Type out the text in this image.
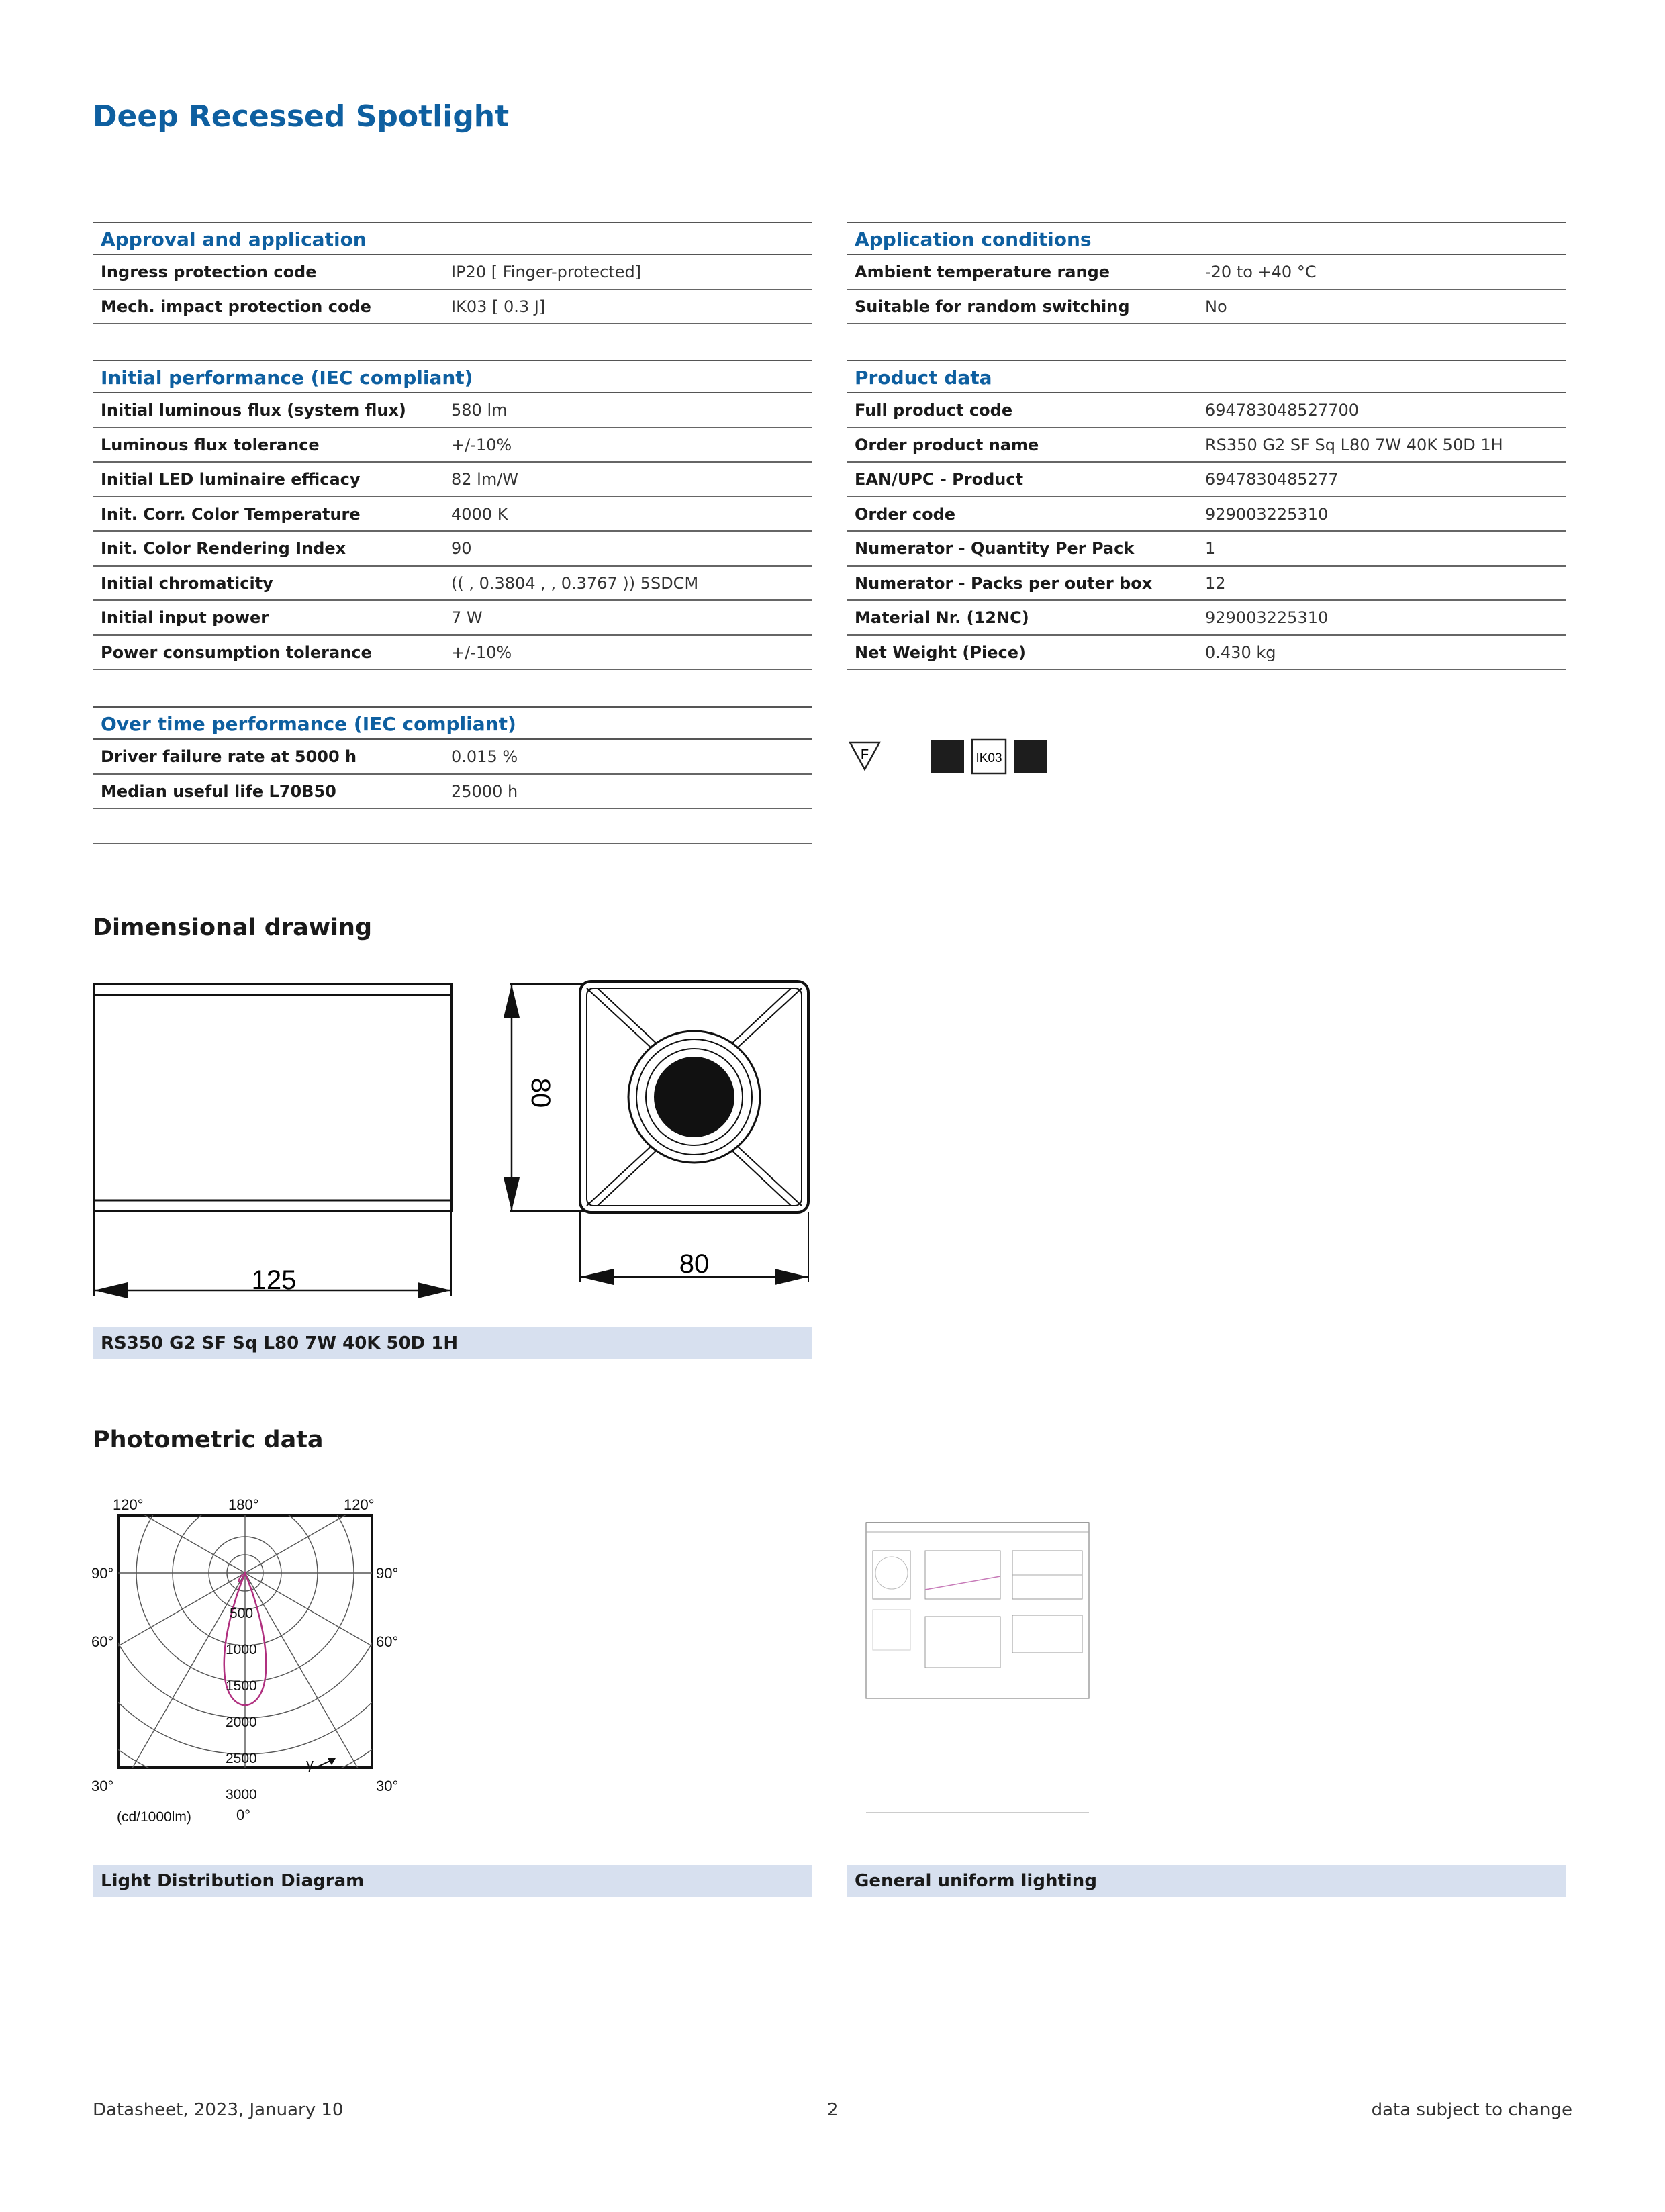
Deep Recessed Spotlight
Approval and application
Ingress protection code	IP20 [ Finger-protected]
Mech. impact protection code	IK03 [ 0.3 J]
Initial performance (IEC compliant)
Initial luminous flux (system flux)	580 lm
Luminous flux tolerance	+/-10%
Initial LED luminaire efficacy	82 lm/W
Init. Corr. Color Temperature	4000 K
Init. Color Rendering Index	90
Initial chromaticity	(( , 0.3804 , , 0.3767 )) 5SDCM
Initial input power	7 W
Power consumption tolerance	+/-10%
Over time performance (IEC compliant)
Driver failure rate at 5000 h	0.015 %
Median useful life L70B50	25000 h
Application conditions
Ambient temperature range	-20 to +40 °C
Suitable for random switching	No
Product data
Full product code	694783048527700
Order product name	RS350 G2 SF Sq L80 7W 40K 50D 1H
EAN/UPC - Product	6947830485277
Order code	929003225310
Numerator - Quantity Per Pack	1
Numerator - Packs per outer box	12
Material Nr. (12NC)	929003225310
Net Weight (Piece)	0.430 kg
F	IK03
Dimensional drawing
125
80
80
RS350 G2 SF Sq L80 7W 40K 50D 1H
Photometric data
120°	180°	120°
90°
60°
30°
90°
60°
30°
0°
(cd/1000lm)
500
1000
1500
2000
2500
3000
γ
Light Distribution Diagram	General uniform lighting
Datasheet, 2023, January 10	2	data subject to change
